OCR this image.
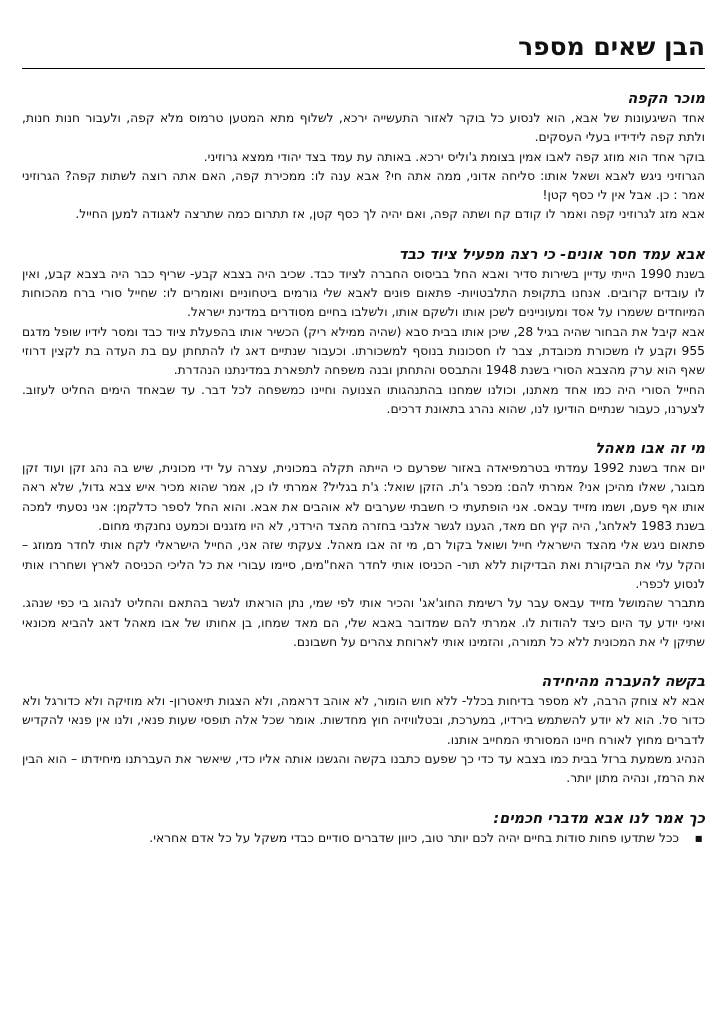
הבן שאים מספר
מוכר הקפה

אחד השיגעונות של אבא, הוא לנסוע כל בוקר לאזור התעשייה ירכא, לשלוף מתא המטען טרמוס מלא קפה, ולעבור חנות חנות, ולתת קפה לידידיו בעלי העסקים.

בוקר אחד הוא מוזג קפה לאבו אמין בצומת ג'וליס ירכא. באותה עת עמד בצד יהודי ממצא גרוזיני.

הגרוזיני ניגש לאבא ושאל אותו: סליחה אדוני, ממה אתה חי? אבא ענה לו: ממכירת קפה, האם אתה רוצה לשתות קפה? הגרוזיני אמר : כן. אבל אין לי כסף קטן!

אבא מזג לגרוזיני קפה ואמר לו קודם קח ושתה קפה, ואם יהיה לך כסף קטן, אז תתרום כמה שתרצה לאגודה למען החייל.

אבא עמד חסר אונים- כי רצה מפעיל ציוד כבד

בשנת 1990 הייתי עדיין בשירות סדיר ואבא החל בביסוס החברה לציוד כבד. שכיב היה בצבא קבע- שריף כבר היה בצבא קבע, ואין לו עובדים קרובים. אנחנו בתקופת התלבטויות- פתאום פונים לאבא שלי גורמים ביטחוניים ואומרים לו: שחייל סורי ברח מהכוחות המיוחדים ששמרו על אסד ומעוניינים לשכן אותו ולשקם אותו, ולשלבו בחיים מסודרים במדינת ישראל.

אבא קיבל את הבחור שהיה בגיל 28, שיכן אותו בבית סבא (שהיה ממילא ריק) הכשיר אותו בהפעלת ציוד כבד ומסר לידיו שופל מדגם 955 וקבע לו משכורת מכובדת, צבר לו חסכונות בנוסף למשכורתו. וכעבור שנתיים דאג לו להתחתן עם בת העדה בת לקצין דרוזי שאף הוא ערק מהצבא הסורי בשנת 1948 והתבסס והתחתן ובנה משפחה לתפארת במדינתנו הנהדרת.

החייל הסורי היה כמו אחד מאתנו, וכולנו שמחנו בהתנהגותו הצנועה וחיינו כמשפחה לכל דבר. עד שבאחד הימים החליט לעזוב. לצערנו, כעבור שנתיים הודיעו לנו, שהוא נהרג בתאונת דרכים.

מי זה אבו מאהל

יום אחד בשנת 1992 עמדתי בטרמפיאדה באזור שפרעם כי הייתה תקלה במכונית, עצרה על ידי מכונית, שיש בה נהג זקן ועוד זקן מבוגר, שאלו מהיכן אני? אמרתי להם: מכפר ג'ת. הזקן שואל: ג'ת בגליל? אמרתי לו כן, אמר שהוא מכיר איש צבא גדול, שלא ראה אותו אף פעם, ושמו מזייד עבאס. אני הופתעתי כי חשבתי שערבים לא אוהבים את אבא. והוא החל לספר כדלקמן: אני נסעתי למכה בשנת 1983 לאלחג', היה קיץ חם מאד, הגענו לגשר אלנבי בחזרה מהצד הירדני, לא היו מזגנים וכמעט נחנקתי מחום.

פתאום ניגש אלי מהצד הישראלי חייל ושואל בקול רם, מי זה אבו מאהל. צעקתי שזה אני, החייל הישראלי לקח אותי לחדר ממוזג – והקל עלי את הביקורת ואת הבדיקות ללא תור- הכניסו אותי לחדר האח"מים, סיימו עבורי את כל הליכי הכניסה לארץ ושחררו אותי לנסוע לכפרי.

מתברר שהמושל מזייד עבאס עבר על רשימת החוג'אג' והכיר אותי לפי שמי, נתן הוראתו לגשר בהתאם והחליט לנהוג בי כפי שנהג. ואיני יודע עד היום כיצד להודות לו. אמרתי להם שמדובר באבא שלי, הם מאד שמחו, בן אחותו של אבו מאהל דאג להביא מכונאי שתיקן לי את המכונית ללא כל תמורה, והזמינו אותי לארוחת צהרים על חשבונם.

בקשה להעברה מהיחידה

אבא לא צוחק הרבה, לא מספר בדיחות בכלל- ללא חוש הומור, לא אוהב דראמה, ולא הצגות תיאטרון- ולא מוזיקה ולא כדורגל ולא כדור סל. הוא לא יודע להשתמש בירדיו, במערכת, ובטלוויזיה חוץ מחדשות. אומר שכל אלה תופסי שעות פנאי, ולנו אין פנאי להקדיש לדברים מחוץ לאורח חיינו המסורתי המחייב אותנו.

הנהיג משמעת ברזל בבית כמו בצבא עד כדי כך שפעם כתבנו בקשה והגשנו אותה אליו כדי, שיאשר את העברתנו מיחידתו – הוא הבין את הרמז, ונהיה מתון יותר.

כך אמר לנו אבא מדברי חכמים:
▪
ככל שתדעו פחות סודות בחיים יהיה לכם יותר טוב, כיוון שדברים סודיים כבדי משקל על כל אדם אחראי.
